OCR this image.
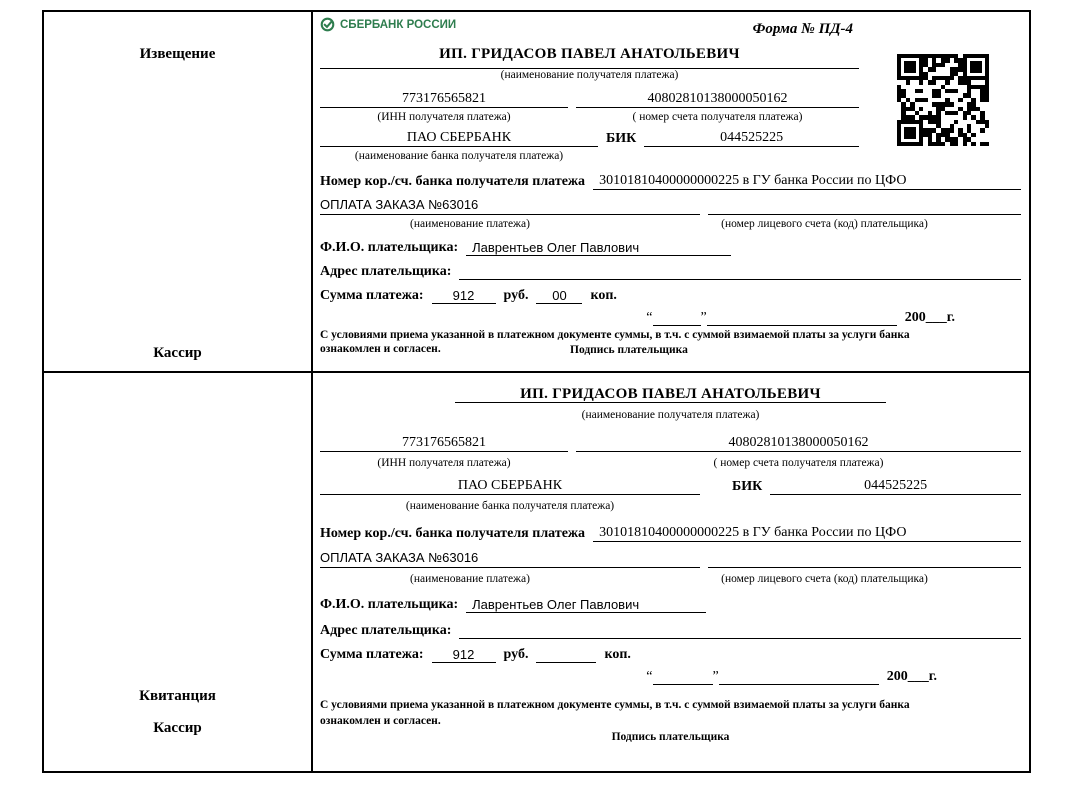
Извещение
Кассир
СБЕРБАНК РОССИИ	Форма № ПД-4
ИП. ГРИДАСОВ ПАВЕЛ АНАТОЛЬЕВИЧ
(наименование получателя платежа)
773176565821	40802810138000050162
(ИНН получателя платежа)	( номер счета получателя платежа)
ПАО СБЕРБАНК	БИК	044525225
(наименование банка получателя платежа)
Номер кор./сч. банка получателя платежа	30101810400000000225 в ГУ банка России по ЦФО
ОПЛАТА ЗАКАЗА №63016
(наименование платежа)	(номер лицевого счета (код) плательщика)
Ф.И.О. плательщика:	Лаврентьев Олег Павлович
Адрес плательщика:
Сумма платежа:	912	руб.	00	коп.
“	”	200___г.
С условиями приема указанной в платежном документе суммы, в т.ч. с суммой взимаемой платы за услуги банка
ознакомлен и согласен.	Подпись плательщика
Квитанция
Кассир
ИП. ГРИДАСОВ ПАВЕЛ АНАТОЛЬЕВИЧ
(наименование получателя платежа)
773176565821	40802810138000050162
(ИНН получателя платежа)	( номер счета получателя платежа)
ПАО СБЕРБАНК	БИК	044525225
(наименование банка получателя платежа)
Номер кор./сч. банка получателя платежа	30101810400000000225 в ГУ банка России по ЦФО
ОПЛАТА ЗАКАЗА №63016
(наименование платежа)	(номер лицевого счета (код) плательщика)
Ф.И.О. плательщика:	Лаврентьев Олег Павлович
Адрес плательщика:
Сумма платежа:	912	руб.	коп.
“	”	200___г.
С условиями приема указанной в платежном документе суммы, в т.ч. с суммой взимаемой платы за услуги банка
ознакомлен и согласен.
Подпись плательщика
